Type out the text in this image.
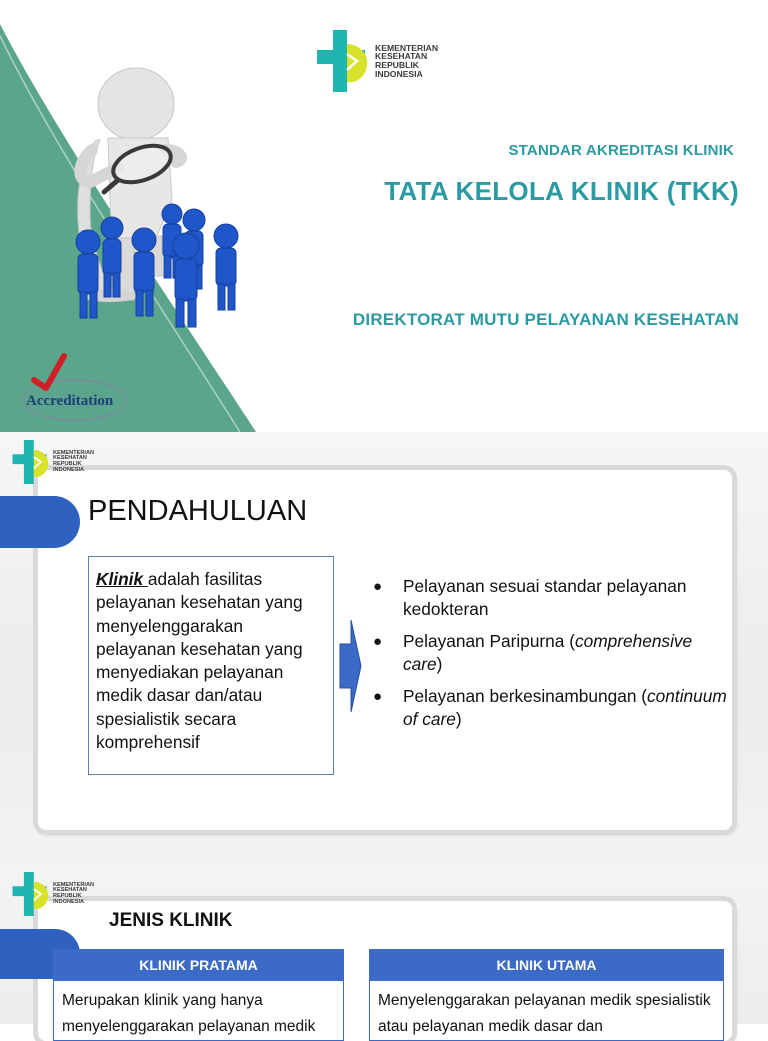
Accreditation
KEMENTERIAN
KESEHATAN
REPUBLIK
INDONESIA
STANDAR AKREDITASI KLINIK
TATA KELOLA KLINIK (TKK)
DIREKTORAT MUTU PELAYANAN KESEHATAN
KEMENTERIAN
KESEHATAN
REPUBLIK
INDONESIA
PENDAHULUAN
Klinik adalah fasilitas pelayanan kesehatan yang menyelenggarakan pelayanan kesehatan yang menyediakan pelayanan medik dasar dan/atau spesialistik secara komprehensif
● Pelayanan sesuai standar pelayanan kedokteran
● Pelayanan Paripurna (comprehensive care)
● Pelayanan berkesinambungan (continuum of care)
KEMENTERIAN
KESEHATAN
REPUBLIK
INDONESIA
JENIS KLINIK
KLINIK PRATAMA
Merupakan klinik yang hanya menyelenggarakan pelayanan medik
KLINIK UTAMA
Menyelenggarakan pelayanan medik spesialistik atau pelayanan medik dasar dan
